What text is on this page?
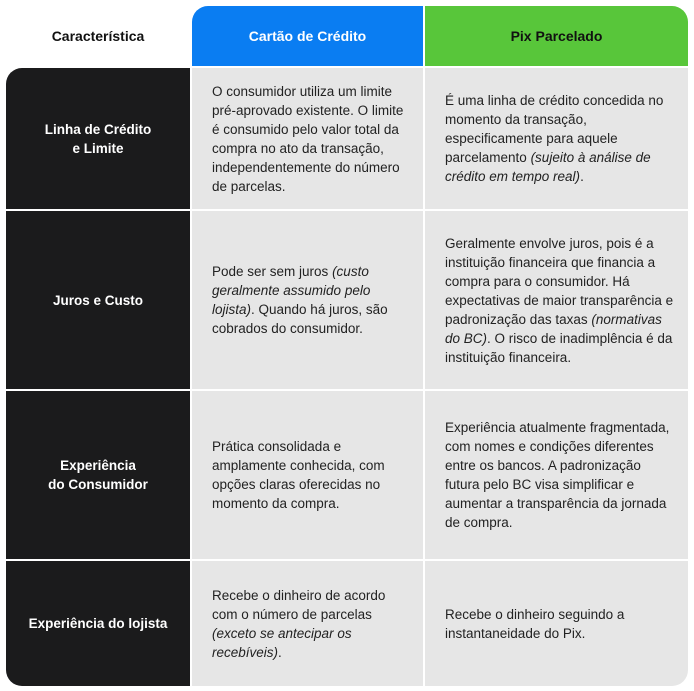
Característica	Cartão de Crédito	Pix Parcelado
Linha de Crédito
e Limite

O consumidor utiliza um limite pré-aprovado existente. O limite é consumido pelo valor total da compra no ato da transação, independentemente do número de parcelas.

É uma linha de crédito concedida no momento da transação, especificamente para aquele parcelamento (sujeito à análise de crédito em tempo real).

Juros e Custo

Pode ser sem juros (custo geralmente assumido pelo lojista). Quando há juros, são cobrados do consumidor.

Geralmente envolve juros, pois é a instituição financeira que financia a compra para o consumidor. Há expectativas de maior transparência e padronização das taxas (normativas do BC). O risco de inadimplência é da instituição financeira.

Experiência
do Consumidor

Prática consolidada e amplamente conhecida, com opções claras oferecidas no momento da compra.

Experiência atualmente fragmentada, com nomes e condições diferentes entre os bancos. A padronização futura pelo BC visa simplificar e aumentar a transparência da jornada de compra.

Experiência do lojista

Recebe o dinheiro de acordo com o número de parcelas (exceto se antecipar os recebíveis).

Recebe o dinheiro seguindo a instantaneidade do Pix.
